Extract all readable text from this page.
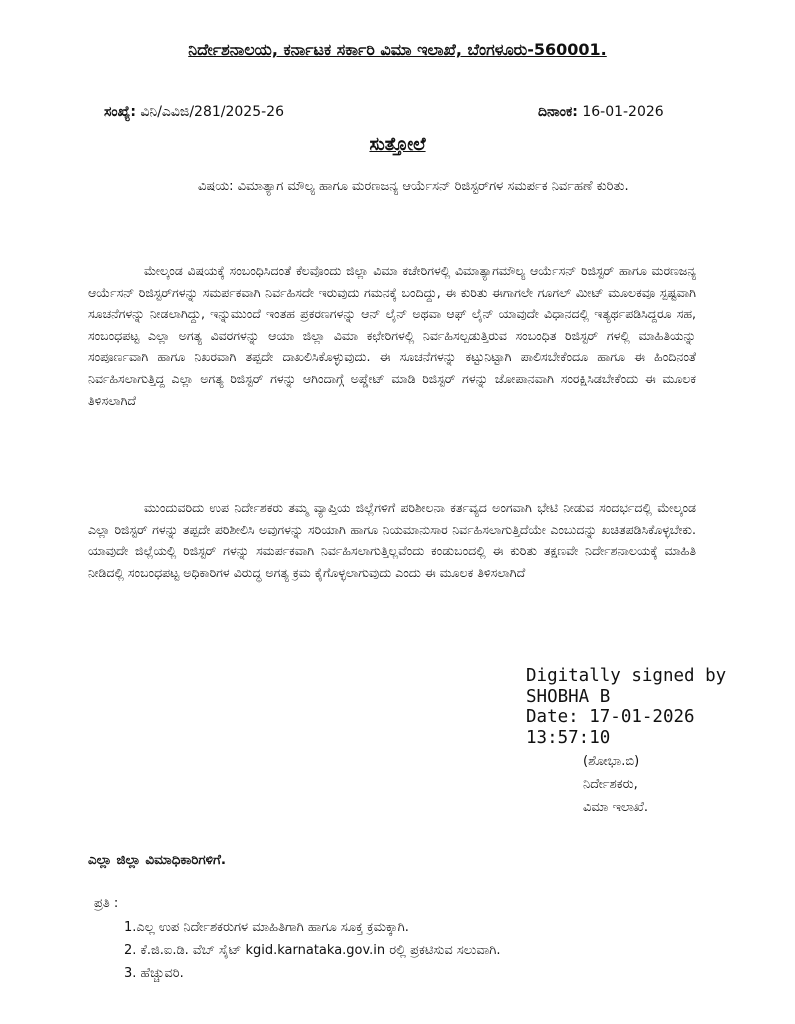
ನಿರ್ದೇಶನಾಲಯ, ಕರ್ನಾಟಕ ಸರ್ಕಾರಿ ವಿಮಾ ಇಲಾಖೆ, ಬೆಂಗಳೂರು-560001.
ಸಂಖ್ಯೆ: ವಿನಿ/ಎವಿಜಿ/281/2025-26	ದಿನಾಂಕ: 16-01-2026
ಸುತ್ತೋಲೆ
ವಿಷಯ: ವಿಮಾತ್ಯಾಗ ಮೌಲ್ಯ ಹಾಗೂ ಮರಣಜನ್ಯ ಆರ್ಯೆಸನ್ ರಿಜಿಸ್ಟರ್‌ಗಳ ಸಮರ್ಪಕ ನಿರ್ವಹಣೆ ಕುರಿತು.
ಮೇಲ್ಕಂಡ ವಿಷಯಕ್ಕೆ ಸಂಬಂಧಿಸಿದಂತೆ ಕೆಲವೊಂದು ಜಿಲ್ಲಾ ವಿಮಾ ಕಚೇರಿಗಳಲ್ಲಿ ವಿಮಾತ್ಯಾಗಮೌಲ್ಯ ಆರ್ಯೆಸನ್ ರಿಜಿಸ್ಟರ್ ಹಾಗೂ ಮರಣಜನ್ಯ ಆರ್ಯೆಸನ್ ರಿಜಿಸ್ಟರ್‌ಗಳನ್ನು ಸಮರ್ಪಕವಾಗಿ ನಿರ್ವಹಿಸದೇ ಇರುವುದು ಗಮನಕ್ಕೆ ಬಂದಿದ್ದು, ಈ ಕುರಿತು ಈಗಾಗಲೇ ಗೂಗಲ್ ಮೀಟ್ ಮೂಲಕವೂ ಸ್ಪಷ್ಟವಾಗಿ ಸೂಚನೆಗಳನ್ನು ನೀಡಲಾಗಿದ್ದು, ಇನ್ನುಮುಂದೆ ಇಂತಹ ಪ್ರಕರಣಗಳನ್ನು ಆನ್ ಲೈನ್ ಅಥವಾ ಆಫ್ ಲೈನ್ ಯಾವುದೇ ವಿಧಾನದಲ್ಲಿ ಇತ್ಯರ್ಥಪಡಿಸಿದ್ದರೂ ಸಹ, ಸಂಬಂಧಪಟ್ಟ ಎಲ್ಲಾ ಅಗತ್ಯ ವಿವರಗಳನ್ನು ಆಯಾ ಜಿಲ್ಲಾ ವಿಮಾ ಕಛೇರಿಗಳಲ್ಲಿ ನಿರ್ವಹಿಸಲ್ಪಡುತ್ತಿರುವ ಸಂಬಂಧಿತ ರಿಜಿಸ್ಟರ್ ಗಳಲ್ಲಿ ಮಾಹಿತಿಯನ್ನು ಸಂಪೂರ್ಣವಾಗಿ ಹಾಗೂ ನಿಖರವಾಗಿ ತಪ್ಪದೇ ದಾಖಲಿಸಿಕೊಳ್ಳುವುದು. ಈ ಸೂಚನೆಗಳನ್ನು ಕಟ್ಟುನಿಟ್ಟಾಗಿ ಪಾಲಿಸಬೇಕೆಂದೂ ಹಾಗೂ ಈ ಹಿಂದಿನಂತೆ ನಿರ್ವಹಿಸಲಾಗುತ್ತಿದ್ದ ಎಲ್ಲಾ ಅಗತ್ಯ ರಿಜಿಸ್ಟರ್ ಗಳನ್ನು ಆಗಿಂದಾಗ್ಗೆ ಅಪ್ಡೇಟ್ ಮಾಡಿ ರಿಜಿಸ್ಟರ್ ಗಳನ್ನು ಜೋಪಾನವಾಗಿ ಸಂರಕ್ಷಿಸಿಡಬೇಕೆಂದು ಈ ಮೂಲಕ ತಿಳಿಸಲಾಗಿದೆ
ಮುಂದುವರಿದು ಉಪ ನಿರ್ದೇಶಕರು ತಮ್ಮ ವ್ಯಾಪ್ತಿಯ ಜಿಲ್ಲೆಗಳಿಗೆ ಪರಿಶೀಲನಾ ಕರ್ತವ್ಯದ ಅಂಗವಾಗಿ ಭೇಟಿ ನೀಡುವ ಸಂದರ್ಭದಲ್ಲಿ ಮೇಲ್ಕಂಡ ಎಲ್ಲಾ ರಿಜಿಸ್ಟರ್ ಗಳನ್ನು ತಪ್ಪದೇ ಪರಿಶೀಲಿಸಿ ಅವುಗಳನ್ನು ಸರಿಯಾಗಿ ಹಾಗೂ ನಿಯಮಾನುಸಾರ ನಿರ್ವಹಿಸಲಾಗುತ್ತಿದೆಯೇ ಎಂಬುದನ್ನು ಖಚಿತಪಡಿಸಿಕೊಳ್ಳಬೇಕು. ಯಾವುದೇ ಜಿಲ್ಲೆಯಲ್ಲಿ ರಿಜಿಸ್ಟರ್ ಗಳನ್ನು ಸಮರ್ಪಕವಾಗಿ ನಿರ್ವಹಿಸಲಾಗುತ್ತಿಲ್ಲವೆಂದು ಕಂಡುಬಂದಲ್ಲಿ ಈ ಕುರಿತು ತಕ್ಷಣವೇ ನಿರ್ದೇಶನಾಲಯಕ್ಕೆ ಮಾಹಿತಿ ನೀಡಿದಲ್ಲಿ ಸಂಬಂಧಪಟ್ಟ ಅಧಿಕಾರಿಗಳ ವಿರುದ್ಧ ಅಗತ್ಯ ಕ್ರಮ ಕೈಗೊಳ್ಳಲಾಗುವುದು ಎಂದು ಈ ಮೂಲಕ ತಿಳಿಸಲಾಗಿದೆ
Digitally signed by
SHOBHA B
Date: 17-01-2026
13:57:10
(ಶೋಭಾ.ಬಿ)
ನಿರ್ದೇಶಕರು,
ವಿಮಾ ಇಲಾಖೆ.
ಎಲ್ಲಾ ಜಿಲ್ಲಾ ವಿಮಾಧಿಕಾರಿಗಳಿಗೆ.
ಪ್ರತಿ :
1.ಎಲ್ಲ ಉಪ ನಿರ್ದೇಶಕರುಗಳ ಮಾಹಿತಿಗಾಗಿ ಹಾಗೂ ಸೂಕ್ತ ಕ್ರಮಕ್ಕಾಗಿ.
2. ಕೆ.ಜಿ.ಐ.ಡಿ. ವೆಬ್ ಸೈಟ್ kgid.karnataka.gov.in ರಲ್ಲಿ ಪ್ರಕಟಿಸುವ ಸಲುವಾಗಿ.
3. ಹೆಚ್ಚುವರಿ.
